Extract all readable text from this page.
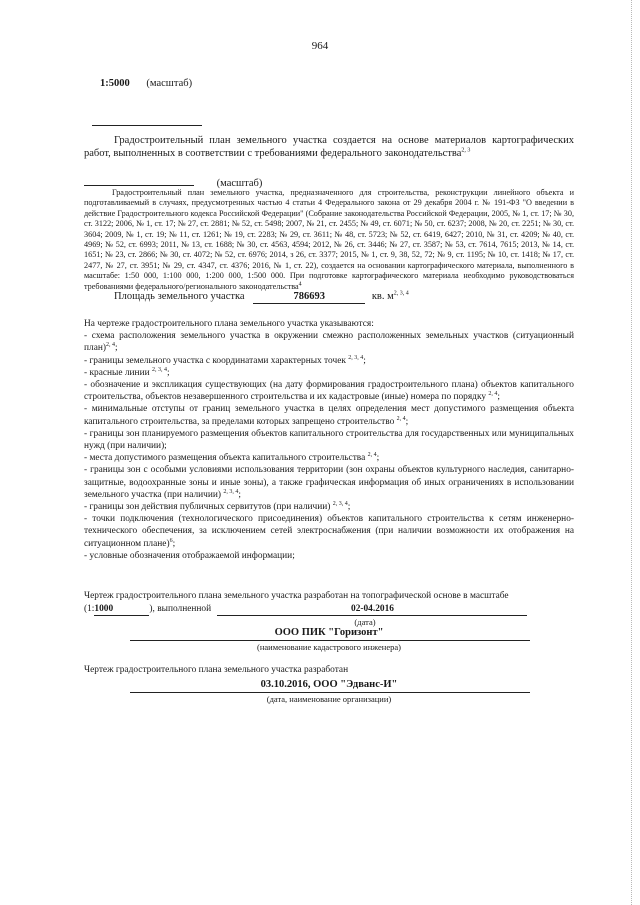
964
1:5000 (масштаб)
Градостроительный план земельного участка создается на основе материалов картографических работ, выполненных в соответствии с требованиями федерального законодательства$^{2, 3}$
(масштаб)
Градостроительный план земельного участка, предназначенного для строительства, реконструкции линейного объекта и подготавливаемый в случаях, предусмотренных частью 4 статьи 4 Федерального закона от 29 декабря 2004 г. № 191-ФЗ "О введении в действие Градостроительного кодекса Российской Федерации" (Собрание законодательства Российской Федерации, 2005, № 1, ст. 17; № 30, ст. 3122; 2006, № 1, ст. 17; № 27, ст. 2881; № 52, ст. 5498; 2007, № 21, ст. 2455; № 49, ст. 6071; № 50, ст. 6237; 2008, № 20, ст. 2251; № 30, ст. 3604; 2009, № 1, ст. 19; № 11, ст. 1261; № 19, ст. 2283; № 29, ст. 3611; № 48, ст. 5723; № 52, ст. 6419, 6427; 2010, № 31, ст. 4209; № 40, ст. 4969; № 52, ст. 6993; 2011, № 13, ст. 1688; № 30, ст. 4563, 4594; 2012, № 26, ст. 3446; № 27, ст. 3587; № 53, ст. 7614, 7615; 2013, № 14, ст. 1651; № 23, ст. 2866; № 30, ст. 4072; № 52, ст. 6976; 2014, з 26, ст. 3377; 2015, № 1, ст. 9, 38, 52, 72; № 9, ст. 1195; № 10, ст. 1418; № 17, ст. 2477, № 27, ст. 3951; № 29, ст. 4347, ст. 4376; 2016, № 1, ст. 22), создается на основании картографического материала, выполненного в масштабе: 1:50 000, 1:100 000, 1:200 000, 1:500 000. При подготовке картографического материала необходимо руководствоваться требованиями федерального/регионального законодательства$^4$
Площадь земельного участка	786693	кв. $м^{2, 3, 4}$
На чертеже градостроительного плана земельного участка указываются:
- схема расположения земельного участка в окружении смежно расположенных земельных участков (ситуационный план)$^{2, 4}$;
- границы земельного участка с координатами характерных точек $^{2, 3, 4}$;
- красные линии $^{2, 3, 4}$;
- обозначение и экспликация существующих (на дату формирования градостроительного плана) объектов капитального строительства, объектов незавершенного строительства и их кадастровые (иные) номера по порядку $^{2, 4}$;
- минимальные отступы от границ земельного участка в целях определения мест допустимого размещения объекта капитального строительства, за пределами которых запрещено строительство $^{2, 4}$;
- границы зон планируемого размещения объектов капитального строительства для государственных или муниципальных нужд (при наличии);
- места допустимого размещения объекта капитального строительства $^{2, 4}$;
- границы зон с особыми условиями использования территории (зон охраны объектов культурного наследия, санитарно-защитные, водоохранные зоны и иные зоны), а также графическая информация об иных ограничениях в использовании земельного участка (при наличии) $^{2, 3, 4}$;
- границы зон действия публичных сервитутов (при наличии) $^{2, 3, 4}$;
- точки подключения (технологического присоединения) объектов капитального строительства к сетям инженерно-технического обеспечения, за исключением сетей электроснабжения (при наличии возможности их отображения на ситуационном плане)$^6$;
- условные обозначения отображаемой информации;
Чертеж градостроительного плана земельного участка разработан на топографической основе в масштабе
(1:1000	), выполненной	02-04.2016
(дата)
ООО ПИК "Горизонт"
(наименование кадастрового инженера)
Чертеж градостроительного плана земельного участка разработан
03.10.2016, ООО "Эдванс-И"
(дата, наименование организации)
